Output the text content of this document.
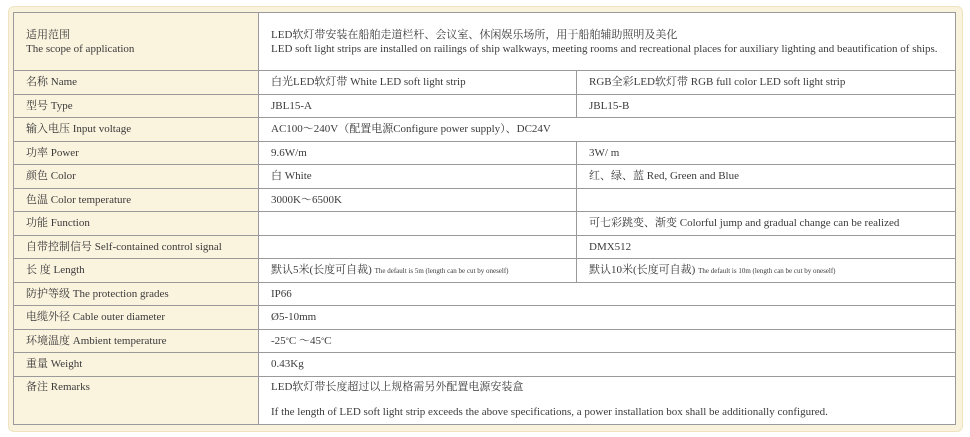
适用范围
The scope of application	LED软灯带安装在船舶走道栏杆、会议室、休闲娱乐场所，用于船舶辅助照明及美化
LED soft light strips are installed on railings of ship walkways, meeting rooms and recreational places for auxiliary lighting and beautification of ships.	
名称 Name	白光LED软灯带 White LED soft light strip	RGB全彩LED软灯带 RGB full color LED soft light strip
型号 Type	JBL15-A	JBL15-B
输入电压 Input voltage	AC100～240V（配置电源Configure power supply）、DC24V	
功率 Power	9.6W/m	3W/ m
颜色 Color	白 White	红、绿、蓝 Red, Green and Blue
色温 Color temperature	3000K～6500K	
功能 Function		可七彩跳变、渐变 Colorful jump and gradual change can be realized
自带控制信号 Self-contained control signal		DMX512
长 度 Length	默认5米(长度可自裁) The default is 5m (length can be cut by oneself)	默认10米(长度可自裁) The default is 10m (length can be cut by oneself)
防护等级 The protection grades	IP66	
电缆外径 Cable outer diameter	Ø5-10mm	
环境温度 Ambient temperature	-25°C ～45°C	
重量 Weight	0.43Kg	
备注 Remarks	LED软灯带长度超过以上规格需另外配置电源安装盒
If the length of LED soft light strip exceeds the above specifications, a power installation box shall be additionally configured.	
